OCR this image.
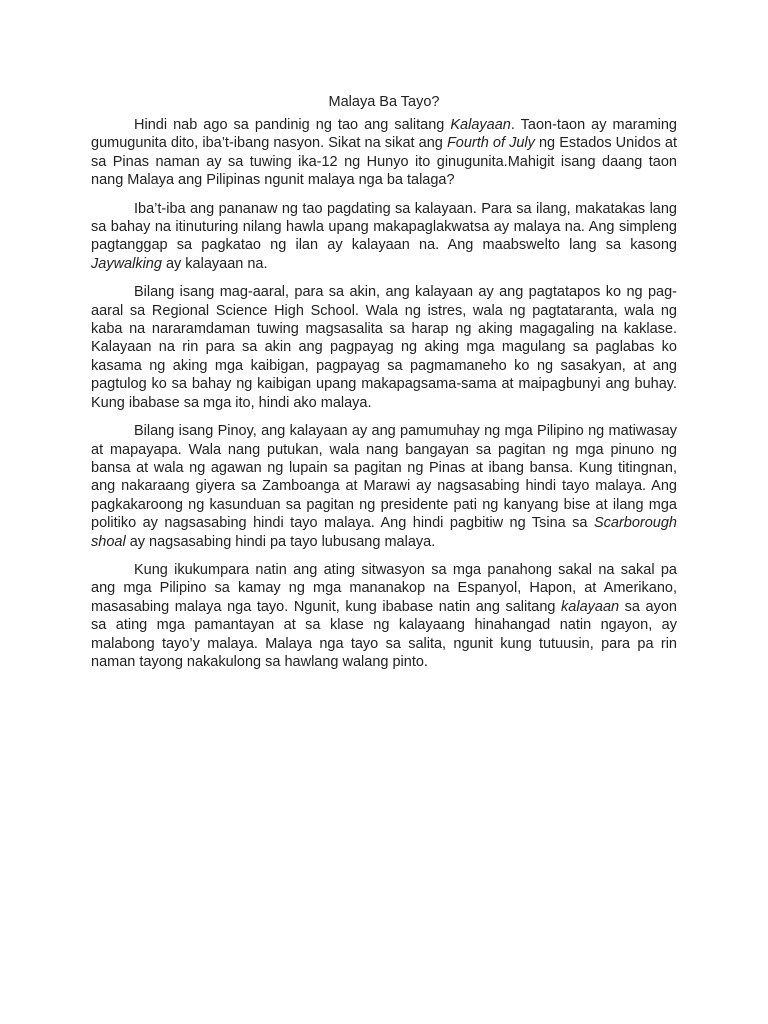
Malaya Ba Tayo?

Hindi nab ago sa pandinig ng tao ang salitang Kalayaan. Taon-taon ay maraming gumugunita dito, iba’t-ibang nasyon. Sikat na sikat ang Fourth of July ng Estados Unidos at sa Pinas naman ay sa tuwing ika-12 ng Hunyo ito ginugunita.Mahigit isang daang taon nang Malaya ang Pilipinas ngunit malaya nga ba talaga?

Iba’t-iba ang pananaw ng tao pagdating sa kalayaan. Para sa ilang, makatakas lang sa bahay na itinuturing nilang hawla upang makapaglakwatsa ay malaya na. Ang simpleng pagtanggap sa pagkatao ng ilan ay kalayaan na. Ang maabswelto lang sa kasong Jaywalking ay kalayaan na.

Bilang isang mag-aaral, para sa akin, ang kalayaan ay ang pagtatapos ko ng pag-aaral sa Regional Science High School. Wala ng istres, wala ng pagtataranta, wala ng kaba na nararamdaman tuwing magsasalita sa harap ng aking magagaling na kaklase. Kalayaan na rin para sa akin ang pagpayag ng aking mga magulang sa paglabas ko kasama ng aking mga kaibigan, pagpayag sa pagmamaneho ko ng sasakyan, at ang pagtulog ko sa bahay ng kaibigan upang makapagsama-sama at maipagbunyi ang buhay. Kung ibabase sa mga ito, hindi ako malaya.

Bilang isang Pinoy, ang kalayaan ay ang pamumuhay ng mga Pilipino ng matiwasay at mapayapa. Wala nang putukan, wala nang bangayan sa pagitan ng mga pinuno ng bansa at wala ng agawan ng lupain sa pagitan ng Pinas at ibang bansa. Kung titingnan, ang nakaraang giyera sa Zamboanga at Marawi ay nagsasabing hindi tayo malaya. Ang pagkakaroong ng kasunduan sa pagitan ng presidente pati ng kanyang bise at ilang mga politiko ay nagsasabing hindi tayo malaya. Ang hindi pagbitiw ng Tsina sa Scarborough shoal ay nagsasabing hindi pa tayo lubusang malaya.

Kung ikukumpara natin ang ating sitwasyon sa mga panahong sakal na sakal pa ang mga Pilipino sa kamay ng mga mananakop na Espanyol, Hapon, at Amerikano, masasabing malaya nga tayo. Ngunit, kung ibabase natin ang salitang kalayaan sa ayon sa ating mga pamantayan at sa klase ng kalayaang hinahangad natin ngayon, ay malabong tayo’y malaya. Malaya nga tayo sa salita, ngunit kung tutuusin, para pa rin naman tayong nakakulong sa hawlang walang pinto.
